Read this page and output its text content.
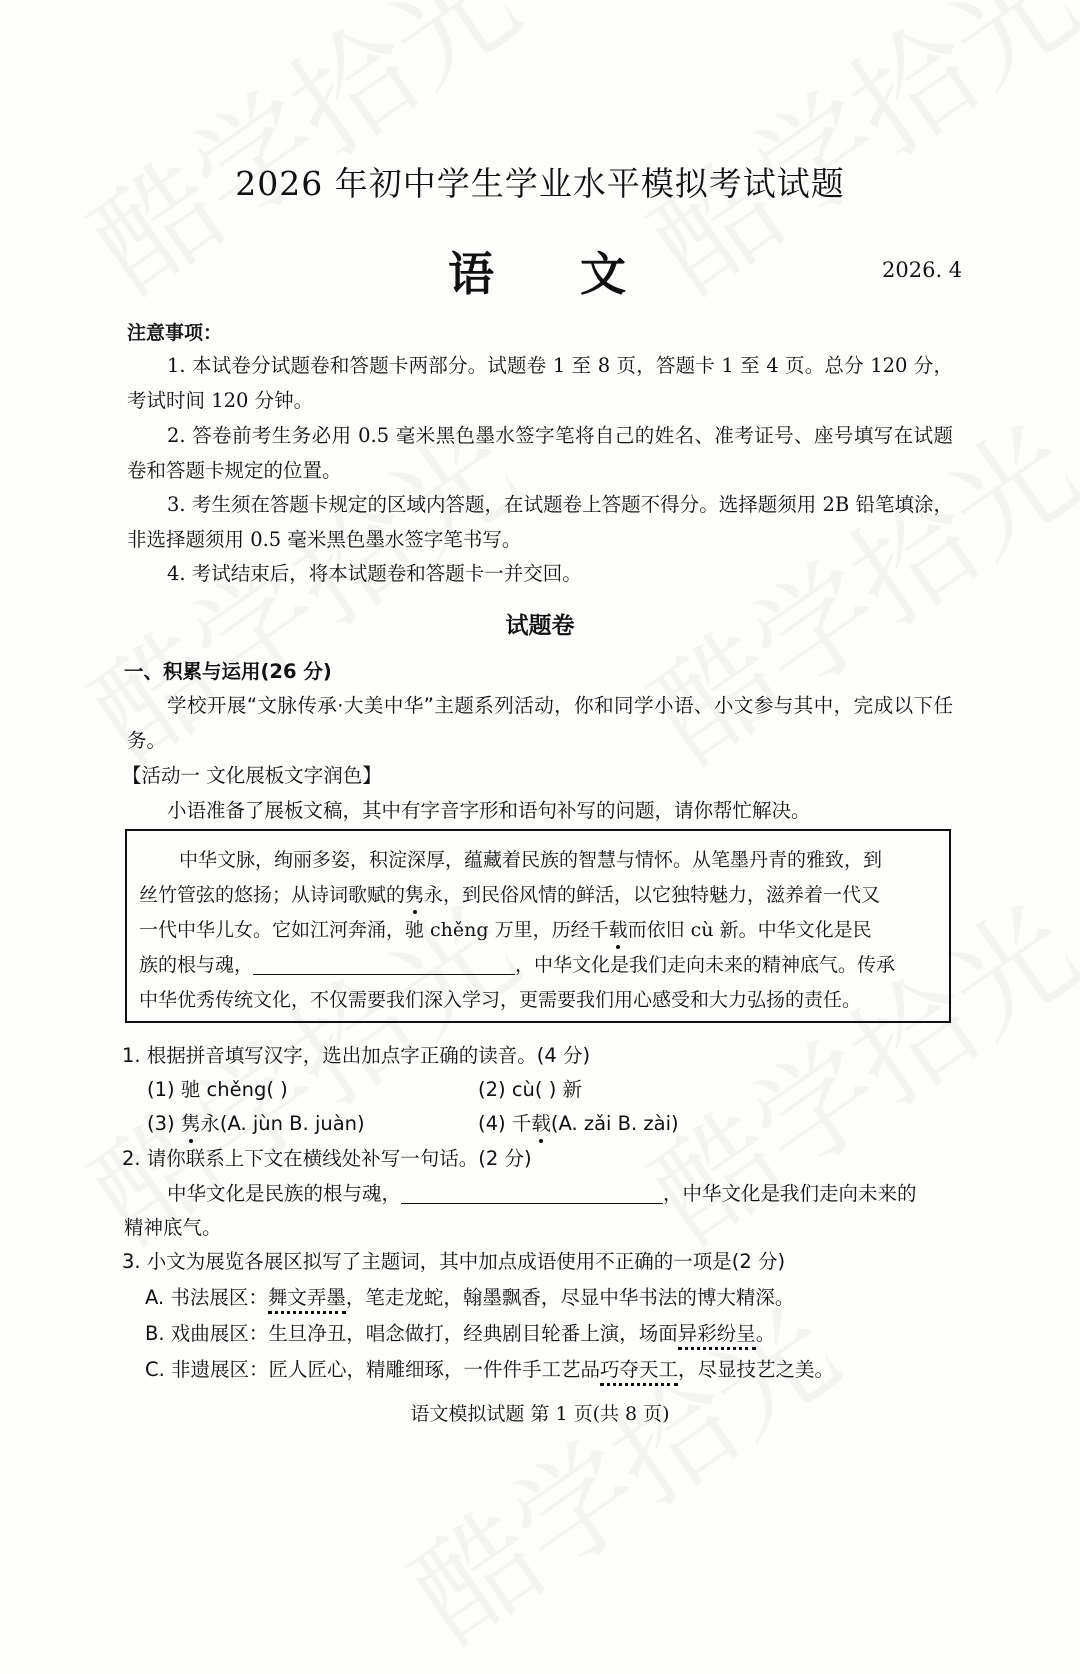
2026 年初中学生学业水平模拟考试试题
语文	2026. 4
注意事项：
1. 本试卷分试题卷和答题卡两部分。试题卷 1 至 8 页，答题卡 1 至 4 页。总分 120 分，考试时间 120 分钟。
2. 答卷前考生务必用 0.5 毫米黑色墨水签字笔将自己的姓名、准考证号、座号填写在试题卷和答题卡规定的位置。
3. 考生须在答题卡规定的区域内答题，在试题卷上答题不得分。选择题须用 2B 铅笔填涂，非选择题须用 0.5 毫米黑色墨水签字笔书写。
4. 考试结束后，将本试题卷和答题卡一并交回。
试题卷
一、积累与运用(26 分)
学校开展“文脉传承·大美中华”主题系列活动，你和同学小语、小文参与其中，完成以下任务。
【活动一 文化展板文字润色】
小语准备了展板文稿，其中有字音字形和语句补写的问题，请你帮忙解决。
中华文脉，绚丽多姿，积淀深厚，蕴藏着民族的智慧与情怀。从笔墨丹青的雅致，到
丝竹管弦的悠扬；从诗词歌赋的隽永，到民俗风情的鲜活，以它独特魅力，滋养着一代又
一代中华儿女。它如江河奔涌，驰 chěng 万里，历经千载而依旧 cù 新。中华文化是民
族的根与魂，	，中华文化是我们走向未来的精神底气。传承
中华优秀传统文化，不仅需要我们深入学习，更需要我们用心感受和大力弘扬的责任。
1. 根据拼音填写汉字，选出加点字正确的读音。(4 分)
(1) 驰 chěng( )	(2) cù( ) 新
(3) 隽永(A. jùn B. juàn)	(4) 千载(A. zǎi B. zài)
2. 请你联系上下文在横线处补写一句话。(2 分)
中华文化是民族的根与魂，	，中华文化是我们走向未来的
精神底气。
3. 小文为展览各展区拟写了主题词，其中加点成语使用不正确的一项是(2 分)
A. 书法展区：舞文弄墨，笔走龙蛇，翰墨飘香，尽显中华书法的博大精深。
B. 戏曲展区：生旦净丑，唱念做打，经典剧目轮番上演，场面异彩纷呈。
C. 非遗展区：匠人匠心，精雕细琢，一件件手工艺品巧夺天工，尽显技艺之美。
语文模拟试题 第 1 页(共 8 页)
